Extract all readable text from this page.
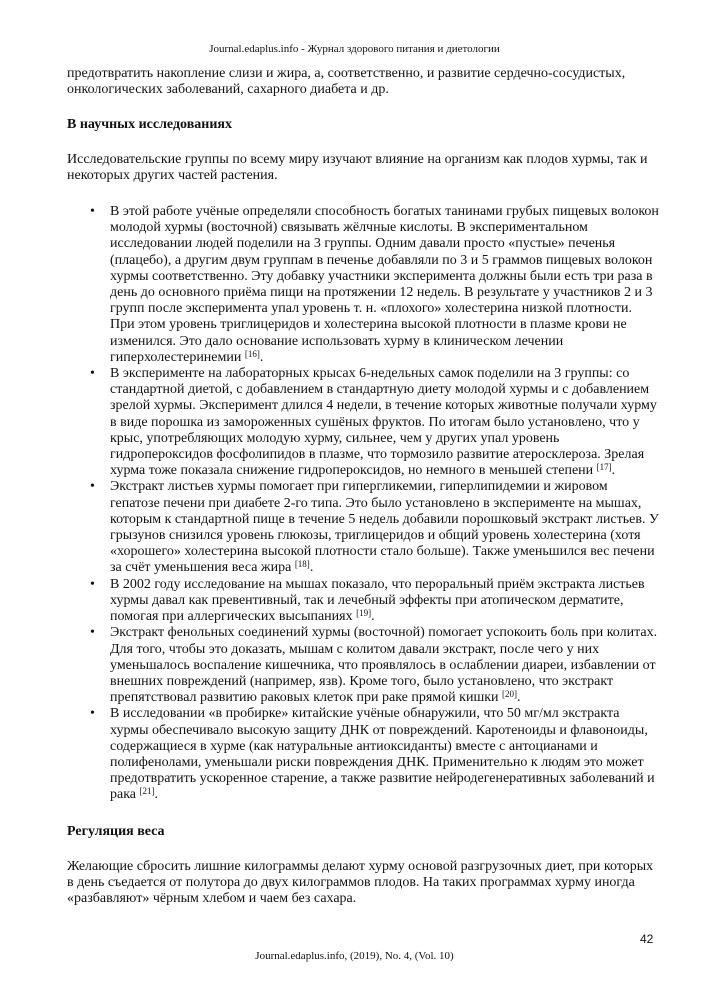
Journal.edaplus.info - Журнал здорового питания и диетологии

предотвратить накопление слизи и жира, а, соответственно, и развитие сердечно-сосудистых, онкологических заболеваний, сахарного диабета и др.

В научных исследованиях

Исследовательские группы по всему миру изучают влияние на организм как плодов хурмы, так и некоторых других частей растения.

• В этой работе учёные определяли способность богатых танинами грубых пищевых волокон молодой хурмы (восточной) связывать жёлчные кислоты. В экспериментальном исследовании людей поделили на 3 группы. Одним давали просто «пустые» печенья (плацебо), а другим двум группам в печенье добавляли по 3 и 5 граммов пищевых волокон хурмы соответственно. Эту добавку участники эксперимента должны были есть три раза в день до основного приёма пищи на протяжении 12 недель. В результате у участников 2 и 3 групп после эксперимента упал уровень т. н. «плохого» холестерина низкой плотности. При этом уровень триглицеридов и холестерина высокой плотности в плазме крови не изменился. Это дало основание использовать хурму в клиническом лечении гиперхолестеринемии [16].
• В эксперименте на лабораторных крысах 6-недельных самок поделили на 3 группы: со стандартной диетой, с добавлением в стандартную диету молодой хурмы и с добавлением зрелой хурмы. Эксперимент длился 4 недели, в течение которых животные получали хурму в виде порошка из замороженных сушёных фруктов. По итогам было установлено, что у крыс, употребляющих молодую хурму, сильнее, чем у других упал уровень гидропероксидов фосфолипидов в плазме, что тормозило развитие атеросклероза. Зрелая хурма тоже показала снижение гидропероксидов, но немного в меньшей степени [17].
• Экстракт листьев хурмы помогает при гипергликемии, гиперлипидемии и жировом гепатозе печени при диабете 2-го типа. Это было установлено в эксперименте на мышах, которым к стандартной пище в течение 5 недель добавили порошковый экстракт листьев. У грызунов снизился уровень глюкозы, триглицеридов и общий уровень холестерина (хотя «хорошего» холестерина высокой плотности стало больше). Также уменьшился вес печени за счёт уменьшения веса жира [18].
• В 2002 году исследование на мышах показало, что пероральный приём экстракта листьев хурмы давал как превентивный, так и лечебный эффекты при атопическом дерматите, помогая при аллергических высыпаниях [19].
• Экстракт фенольных соединений хурмы (восточной) помогает успокоить боль при колитах. Для того, чтобы это доказать, мышам с колитом давали экстракт, после чего у них уменьшалось воспаление кишечника, что проявлялось в ослаблении диареи, избавлении от внешних повреждений (например, язв). Кроме того, было установлено, что экстракт препятствовал развитию раковых клеток при раке прямой кишки [20].
• В исследовании «в пробирке» китайские учёные обнаружили, что 50 мг/мл экстракта хурмы обеспечивало высокую защиту ДНК от повреждений. Каротеноиды и флавоноиды, содержащиеся в хурме (как натуральные антиоксиданты) вместе с антоцианами и полифенолами, уменьшали риски повреждения ДНК. Применительно к людям это может предотвратить ускоренное старение, а также развитие нейродегенеративных заболеваний и рака [21].
Регуляция веса

Желающие сбросить лишние килограммы делают хурму основой разгрузочных диет, при которых в день съедается от полутора до двух килограммов плодов. На таких программах хурму иногда «разбавляют» чёрным хлебом и чаем без сахара.

42
Journal.edaplus.info, (2019), No. 4, (Vol. 10)
